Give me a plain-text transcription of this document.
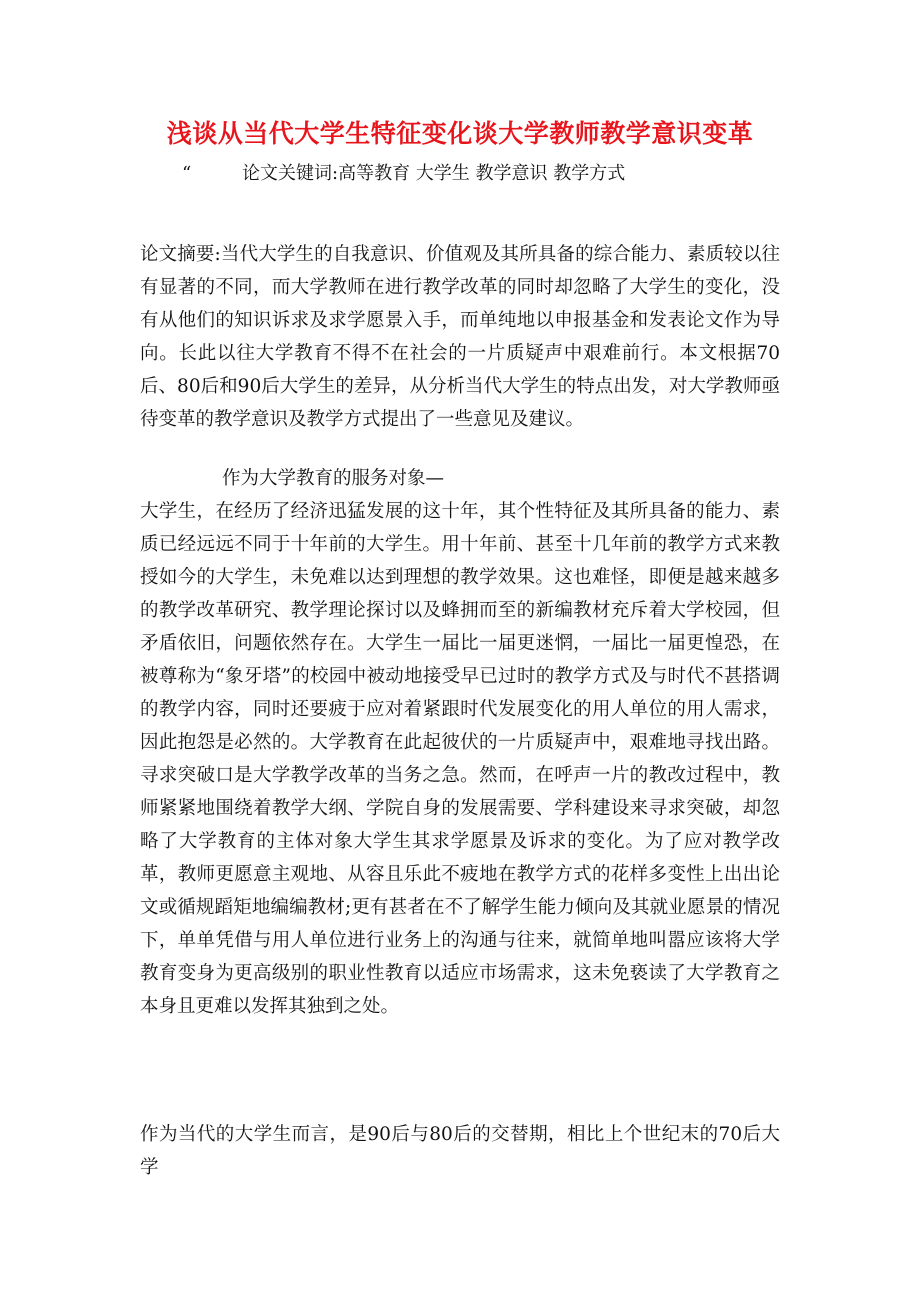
浅谈从当代大学生特征变化谈大学教师教学意识变革
“	论文关键词:高等教育 大学生 教学意识 教学方式
论文摘要:当代大学生的自我意识、价值观及其所具备的综合能力、素质较以往有显著的不同，而大学教师在进行教学改革的同时却忽略了大学生的变化，没有从他们的知识诉求及求学愿景入手，而单纯地以申报基金和发表论文作为导向。长此以往大学教育不得不在社会的一片质疑声中艰难前行。本文根据70后、80后和90后大学生的差异，从分析当代大学生的特点出发，对大学教师亟待变革的教学意识及教学方式提出了一些意见及建议。
作为大学教育的服务对象—
大学生，在经历了经济迅猛发展的这十年，其个性特征及其所具备的能力、素质已经远远不同于十年前的大学生。用十年前、甚至十几年前的教学方式来教授如今的大学生，未免难以达到理想的教学效果。这也难怪，即便是越来越多的教学改革研究、教学理论探讨以及蜂拥而至的新编教材充斥着大学校园，但矛盾依旧，问题依然存在。大学生一届比一届更迷惘，一届比一届更惶恐，在被尊称为“象牙塔”的校园中被动地接受早已过时的教学方式及与时代不甚搭调的教学内容，同时还要疲于应对着紧跟时代发展变化的用人单位的用人需求，因此抱怨是必然的。大学教育在此起彼伏的一片质疑声中，艰难地寻找出路。寻求突破口是大学教学改革的当务之急。然而，在呼声一片的教改过程中，教师紧紧地围绕着教学大纲、学院自身的发展需要、学科建设来寻求突破，却忽略了大学教育的主体对象大学生其求学愿景及诉求的变化。为了应对教学改革，教师更愿意主观地、从容且乐此不疲地在教学方式的花样多变性上出出论文或循规蹈矩地编编教材;更有甚者在不了解学生能力倾向及其就业愿景的情况下，单单凭借与用人单位进行业务上的沟通与往来，就简单地叫嚣应该将大学教育变身为更高级别的职业性教育以适应市场需求，这未免亵读了大学教育之本身且更难以发挥其独到之处。
作为当代的大学生而言，是90后与80后的交替期，相比上个世纪末的70后大学
